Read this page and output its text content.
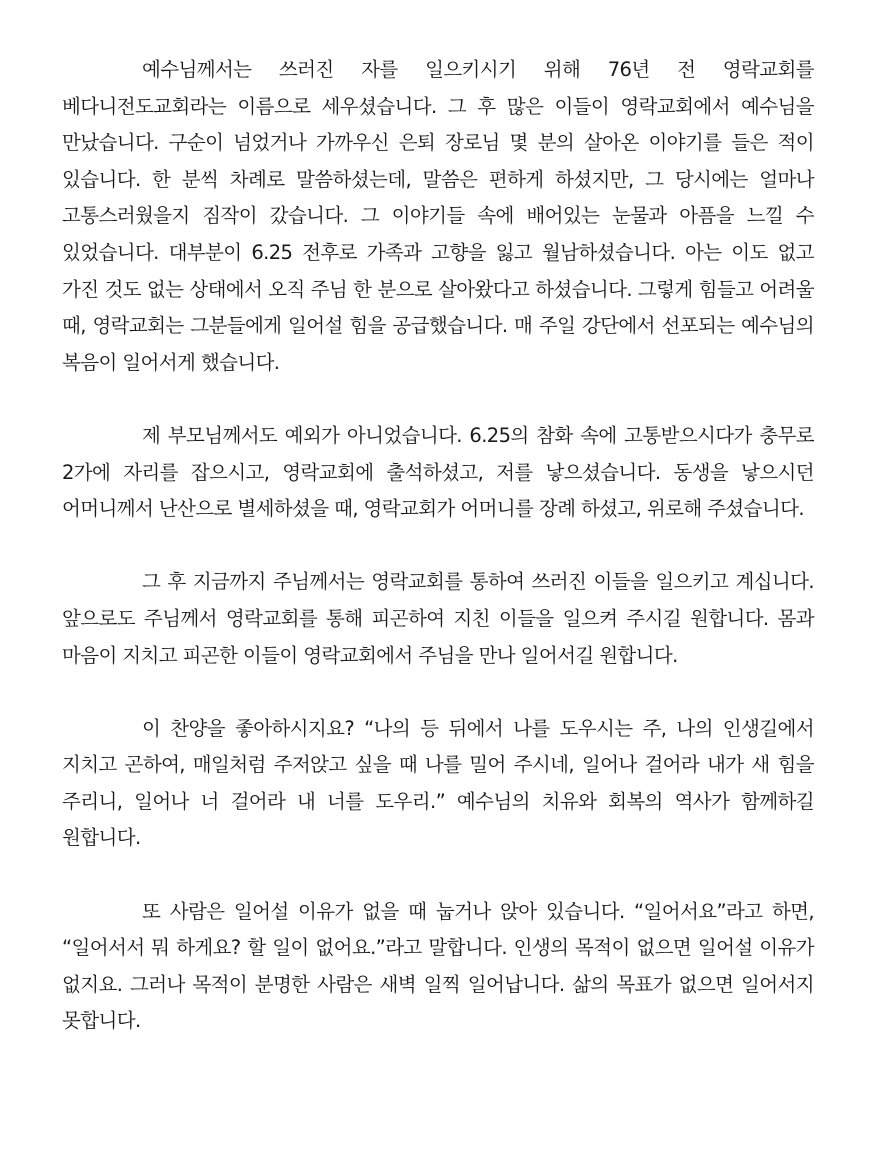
예수님께서는 쓰러진 자를 일으키시기 위해 76년 전 영락교회를 베다니전도교회라는 이름으로 세우셨습니다. 그 후 많은 이들이 영락교회에서 예수님을 만났습니다. 구순이 넘었거나 가까우신 은퇴 장로님 몇 분의 살아온 이야기를 들은 적이 있습니다. 한 분씩 차례로 말씀하셨는데, 말씀은 편하게 하셨지만, 그 당시에는 얼마나 고통스러웠을지 짐작이 갔습니다. 그 이야기들 속에 배어있는 눈물과 아픔을 느낄 수 있었습니다. 대부분이 6.25 전후로 가족과 고향을 잃고 월남하셨습니다. 아는 이도 없고 가진 것도 없는 상태에서 오직 주님 한 분으로 살아왔다고 하셨습니다. 그렇게 힘들고 어려울 때, 영락교회는 그분들에게 일어설 힘을 공급했습니다. 매 주일 강단에서 선포되는 예수님의 복음이 일어서게 했습니다.

제 부모님께서도 예외가 아니었습니다. 6.25의 참화 속에 고통받으시다가 충무로 2가에 자리를 잡으시고, 영락교회에 출석하셨고, 저를 낳으셨습니다. 동생을 낳으시던 어머니께서 난산으로 별세하셨을 때, 영락교회가 어머니를 장례 하셨고, 위로해 주셨습니다.

그 후 지금까지 주님께서는 영락교회를 통하여 쓰러진 이들을 일으키고 계십니다. 앞으로도 주님께서 영락교회를 통해 피곤하여 지친 이들을 일으켜 주시길 원합니다. 몸과 마음이 지치고 피곤한 이들이 영락교회에서 주님을 만나 일어서길 원합니다.

이 찬양을 좋아하시지요? “나의 등 뒤에서 나를 도우시는 주, 나의 인생길에서 지치고 곤하여, 매일처럼 주저앉고 싶을 때 나를 밀어 주시네, 일어나 걸어라 내가 새 힘을 주리니, 일어나 너 걸어라 내 너를 도우리.” 예수님의 치유와 회복의 역사가 함께하길 원합니다.

또 사람은 일어설 이유가 없을 때 눕거나 앉아 있습니다. “일어서요”라고 하면, “일어서서 뭐 하게요? 할 일이 없어요.”라고 말합니다. 인생의 목적이 없으면 일어설 이유가 없지요. 그러나 목적이 분명한 사람은 새벽 일찍 일어납니다. 삶의 목표가 없으면 일어서지 못합니다.
